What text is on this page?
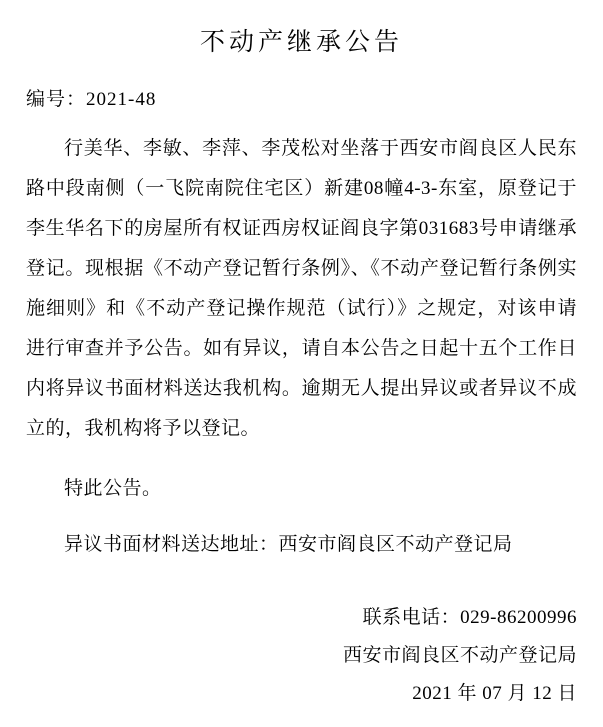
不动产继承公告
编号：2021-48

行美华、李敏、李萍、李茂松对坐落于西安市阎良区人民东路中段南侧（一飞院南院住宅区）新建08幢4-3-东室，原登记于李生华名下的房屋所有权证西房权证阎良字第031683号申请继承登记。现根据《不动产登记暂行条例》、《不动产登记暂行条例实施细则》和《不动产登记操作规范（试行）》之规定，对该申请进行审查并予公告。如有异议，请自本公告之日起十五个工作日内将异议书面材料送达我机构。逾期无人提出异议或者异议不成立的，我机构将予以登记。

特此公告。

异议书面材料送达地址：西安市阎良区不动产登记局

联系电话：029-86200996
西安市阎良区不动产登记局
2021 年 07 月 12 日
